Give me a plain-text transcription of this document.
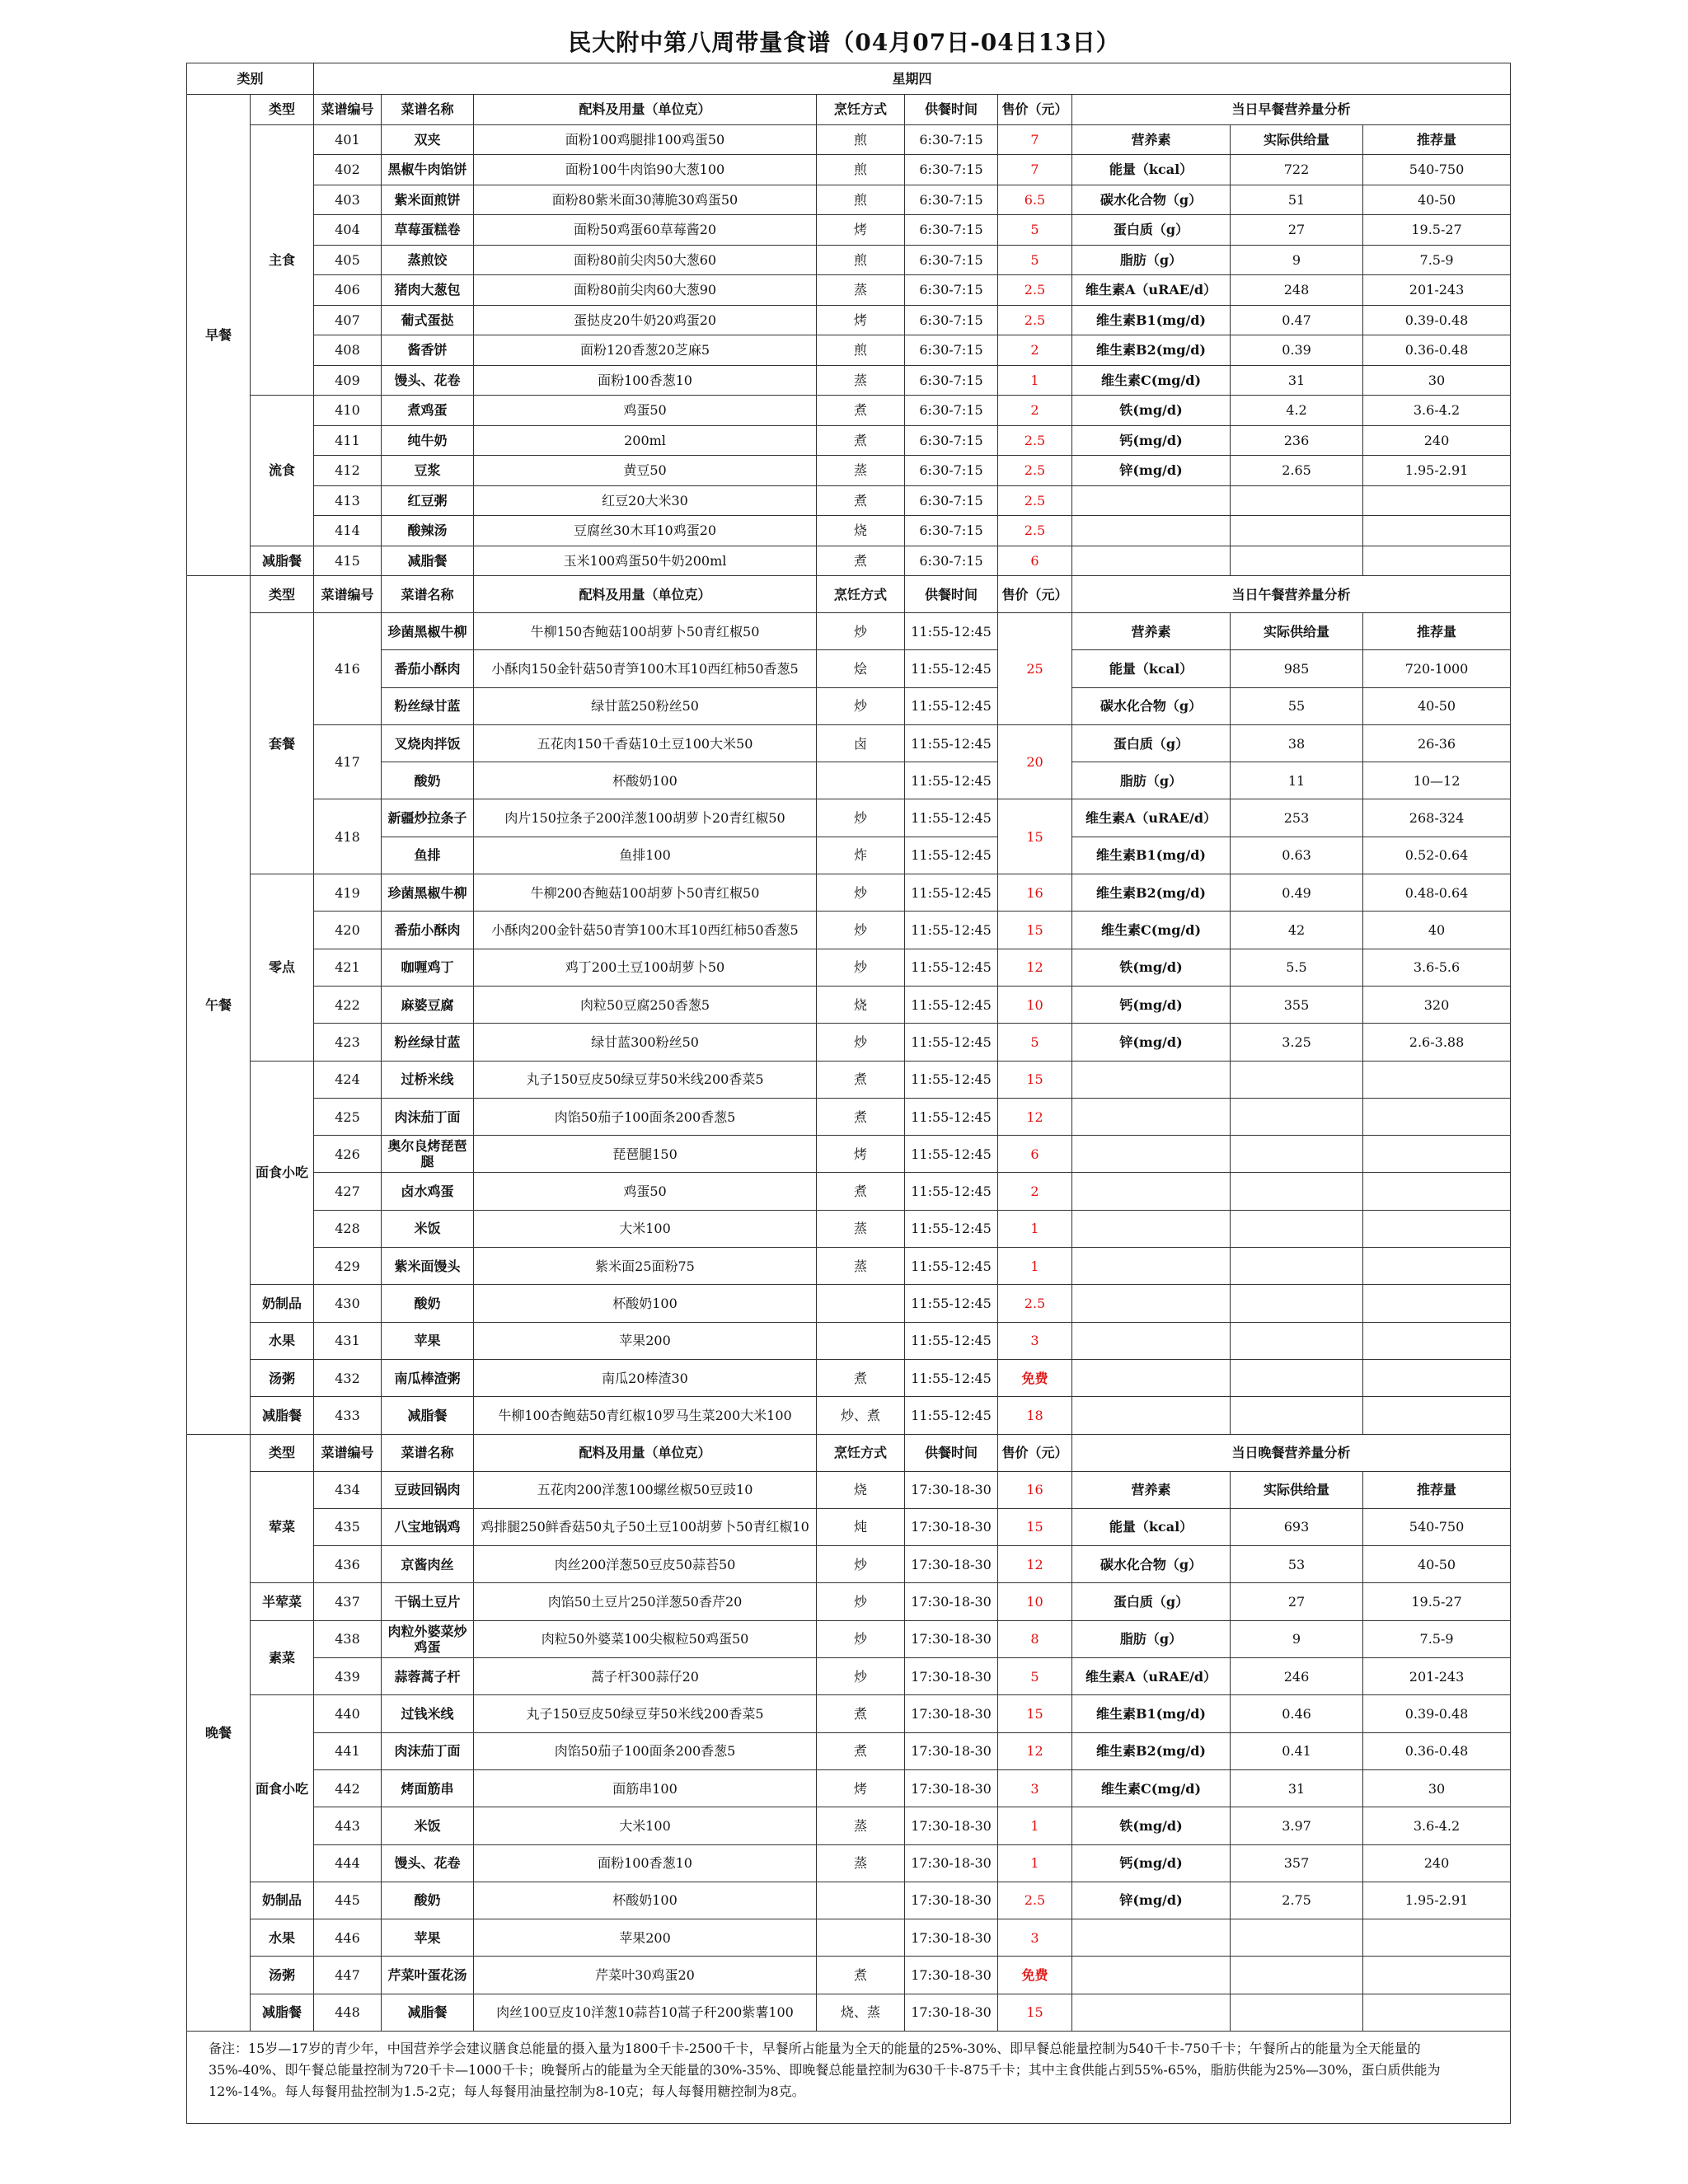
民大附中第八周带量食谱（04月07日-04日13日）
类别		星期四								
早餐	类型	菜谱编号	菜谱名称	配料及用量（单位克）	烹饪方式	供餐时间	售价（元）	当日早餐营养量分析		
	主食	401	双夹	面粉100鸡腿排100鸡蛋50	煎	6:30-7:15	7	营养素	实际供给量	推荐量
		402	黑椒牛肉馅饼	面粉100牛肉馅90大葱100	煎	6:30-7:15	7	能量（kcal）	722	540-750
		403	紫米面煎饼	面粉80紫米面30薄脆30鸡蛋50	煎	6:30-7:15	6.5	碳水化合物（g）	51	40-50
		404	草莓蛋糕卷	面粉50鸡蛋60草莓酱20	烤	6:30-7:15	5	蛋白质（g）	27	19.5-27
		405	蒸煎饺	面粉80前尖肉50大葱60	煎	6:30-7:15	5	脂肪（g）	9	7.5-9
		406	猪肉大葱包	面粉80前尖肉60大葱90	蒸	6:30-7:15	2.5	维生素A（uRAE/d）	248	201-243
		407	葡式蛋挞	蛋挞皮20牛奶20鸡蛋20	烤	6:30-7:15	2.5	维生素B1(mg/d)	0.47	0.39-0.48
		408	酱香饼	面粉120香葱20芝麻5	煎	6:30-7:15	2	维生素B2(mg/d)	0.39	0.36-0.48
		409	馒头、花卷	面粉100香葱10	蒸	6:30-7:15	1	维生素C(mg/d)	31	30
	流食	410	煮鸡蛋	鸡蛋50	煮	6:30-7:15	2	铁(mg/d)	4.2	3.6-4.2
		411	纯牛奶	200ml	煮	6:30-7:15	2.5	钙(mg/d)	236	240
		412	豆浆	黄豆50	蒸	6:30-7:15	2.5	锌(mg/d)	2.65	1.95-2.91
		413	红豆粥	红豆20大米30	煮	6:30-7:15	2.5			
		414	酸辣汤	豆腐丝30木耳10鸡蛋20	烧	6:30-7:15	2.5			
	减脂餐	415	减脂餐	玉米100鸡蛋50牛奶200ml	煮	6:30-7:15	6			
午餐	类型	菜谱编号	菜谱名称	配料及用量（单位克）	烹饪方式	供餐时间	售价（元）	当日午餐营养量分析		
	套餐	416	珍菌黑椒牛柳	牛柳150杏鲍菇100胡萝卜50青红椒50	炒	11:55-12:45	25	营养素	实际供给量	推荐量
			番茄小酥肉	小酥肉150金针菇50青笋100木耳10西红柿50香葱5	烩	11:55-12:45		能量（kcal）	985	720-1000
			粉丝绿甘蓝	绿甘蓝250粉丝50	炒	11:55-12:45		碳水化合物（g）	55	40-50
		417	叉烧肉拌饭	五花肉150千香菇10土豆100大米50	卤	11:55-12:45	20	蛋白质（g）	38	26-36
			酸奶	杯酸奶100		11:55-12:45		脂肪（g）	11	10—12
		418	新疆炒拉条子	肉片150拉条子200洋葱100胡萝卜20青红椒50	炒	11:55-12:45	15	维生素A（uRAE/d）	253	268-324
			鱼排	鱼排100	炸	11:55-12:45		维生素B1(mg/d)	0.63	0.52-0.64
	零点	419	珍菌黑椒牛柳	牛柳200杏鲍菇100胡萝卜50青红椒50	炒	11:55-12:45	16	维生素B2(mg/d)	0.49	0.48-0.64
		420	番茄小酥肉	小酥肉200金针菇50青笋100木耳10西红柿50香葱5	炒	11:55-12:45	15	维生素C(mg/d)	42	40
		421	咖喱鸡丁	鸡丁200土豆100胡萝卜50	炒	11:55-12:45	12	铁(mg/d)	5.5	3.6-5.6
		422	麻婆豆腐	肉粒50豆腐250香葱5	烧	11:55-12:45	10	钙(mg/d)	355	320
		423	粉丝绿甘蓝	绿甘蓝300粉丝50	炒	11:55-12:45	5	锌(mg/d)	3.25	2.6-3.88
	面食小吃	424	过桥米线	丸子150豆皮50绿豆芽50米线200香菜5	煮	11:55-12:45	15			
		425	肉沫茄丁面	肉馅50茄子100面条200香葱5	煮	11:55-12:45	12			
		426	奥尔良烤琵琶腿	琵琶腿150	烤	11:55-12:45	6			
		427	卤水鸡蛋	鸡蛋50	煮	11:55-12:45	2			
		428	米饭	大米100	蒸	11:55-12:45	1			
		429	紫米面馒头	紫米面25面粉75	蒸	11:55-12:45	1			
	奶制品	430	酸奶	杯酸奶100		11:55-12:45	2.5			
	水果	431	苹果	苹果200		11:55-12:45	3			
	汤粥	432	南瓜棒渣粥	南瓜20棒渣30	煮	11:55-12:45	免费			
	减脂餐	433	减脂餐	牛柳100杏鲍菇50青红椒10罗马生菜200大米100	炒、煮	11:55-12:45	18			
晚餐	类型	菜谱编号	菜谱名称	配料及用量（单位克）	烹饪方式	供餐时间	售价（元）	当日晚餐营养量分析		
	荤菜	434	豆豉回锅肉	五花肉200洋葱100螺丝椒50豆豉10	烧	17:30-18-30	16	营养素	实际供给量	推荐量
		435	八宝地锅鸡	鸡排腿250鲜香菇50丸子50土豆100胡萝卜50青红椒10	炖	17:30-18-30	15	能量（kcal）	693	540-750
		436	京酱肉丝	肉丝200洋葱50豆皮50蒜苔50	炒	17:30-18-30	12	碳水化合物（g）	53	40-50
	半荤菜	437	干锅土豆片	肉馅50土豆片250洋葱50香芹20	炒	17:30-18-30	10	蛋白质（g）	27	19.5-27
	素菜	438	肉粒外婆菜炒鸡蛋	肉粒50外婆菜100尖椒粒50鸡蛋50	炒	17:30-18-30	8	脂肪（g）	9	7.5-9
		439	蒜蓉蒿子杆	蒿子杆300蒜仔20	炒	17:30-18-30	5	维生素A（uRAE/d）	246	201-243
	面食小吃	440	过钱米线	丸子150豆皮50绿豆芽50米线200香菜5	煮	17:30-18-30	15	维生素B1(mg/d)	0.46	0.39-0.48
		441	肉沫茄丁面	肉馅50茄子100面条200香葱5	煮	17:30-18-30	12	维生素B2(mg/d)	0.41	0.36-0.48
		442	烤面筋串	面筋串100	烤	17:30-18-30	3	维生素C(mg/d)	31	30
		443	米饭	大米100	蒸	17:30-18-30	1	铁(mg/d)	3.97	3.6-4.2
		444	馒头、花卷	面粉100香葱10	蒸	17:30-18-30	1	钙(mg/d)	357	240
	奶制品	445	酸奶	杯酸奶100		17:30-18-30	2.5	锌(mg/d)	2.75	1.95-2.91
	水果	446	苹果	苹果200		17:30-18-30	3			
	汤粥	447	芹菜叶蛋花汤	芹菜叶30鸡蛋20	煮	17:30-18-30	免费			
	减脂餐	448	减脂餐	肉丝100豆皮10洋葱10蒜苔10蒿子秆200紫薯100	烧、蒸	17:30-18-30	15			
备注：15岁—17岁的青少年，中国营养学会建议膳食总能量的摄入量为1800千卡-2500千卡，早餐所占能量为全天的能量的25%-30%、即早餐总能量控制为540千卡-750千卡；午餐所占的能量为全天能量的35%-40%、即午餐总能量控制为720千卡—1000千卡；晚餐所占的能量为全天能量的30%-35%、即晚餐总能量控制为630千卡-875千卡；其中主食供能占到55%-65%，脂肪供能为25%—30%，蛋白质供能为12%-14%。每人每餐用盐控制为1.5-2克；每人每餐用油量控制为8-10克；每人每餐用糖控制为8克。										
